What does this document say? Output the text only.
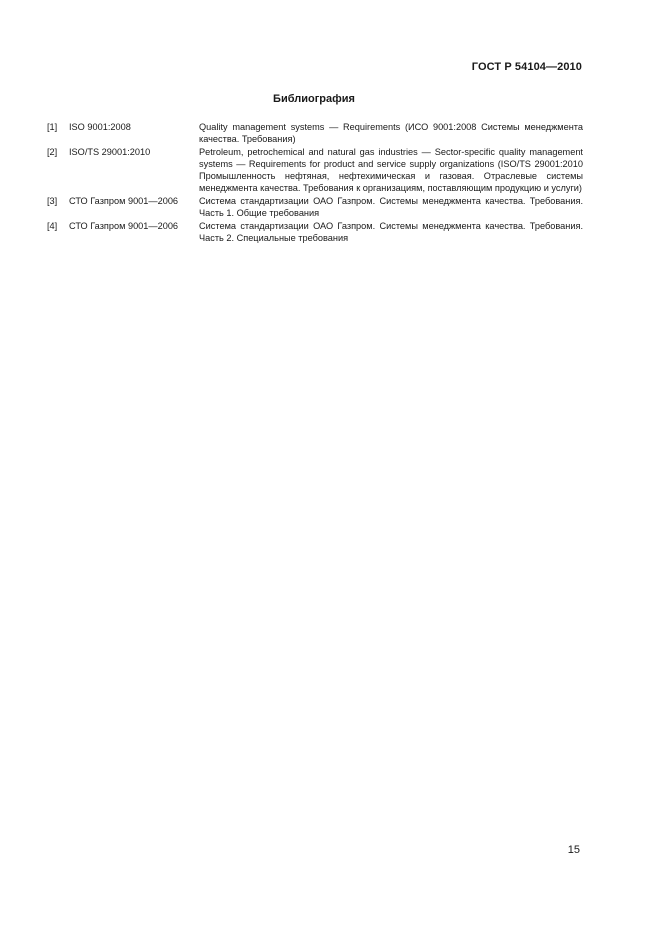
ГОСТ Р 54104—2010
Библиография
[1]	ISO 9001:2008	Quality management systems — Requirements (ИСО 9001:2008 Системы менеджмента качества. Требования)
[2]	ISO/TS 29001:2010	Petroleum, petrochemical and natural gas industries — Sector-specific quality management systems — Requirements for product and service supply organizations (ISO/TS 29001:2010 Промышленность нефтяная, нефтехимическая и газовая. Отраслевые системы менеджмента качества. Требования к организациям, поставляющим продукцию и услуги)
[3]	СТО Газпром 9001—2006	Система стандартизации ОАО Газпром. Системы менеджмента качества. Требования. Часть 1. Общие требования
[4]	СТО Газпром 9001—2006	Система стандартизации ОАО Газпром. Системы менеджмента качества. Требования. Часть 2. Специальные требования
15
